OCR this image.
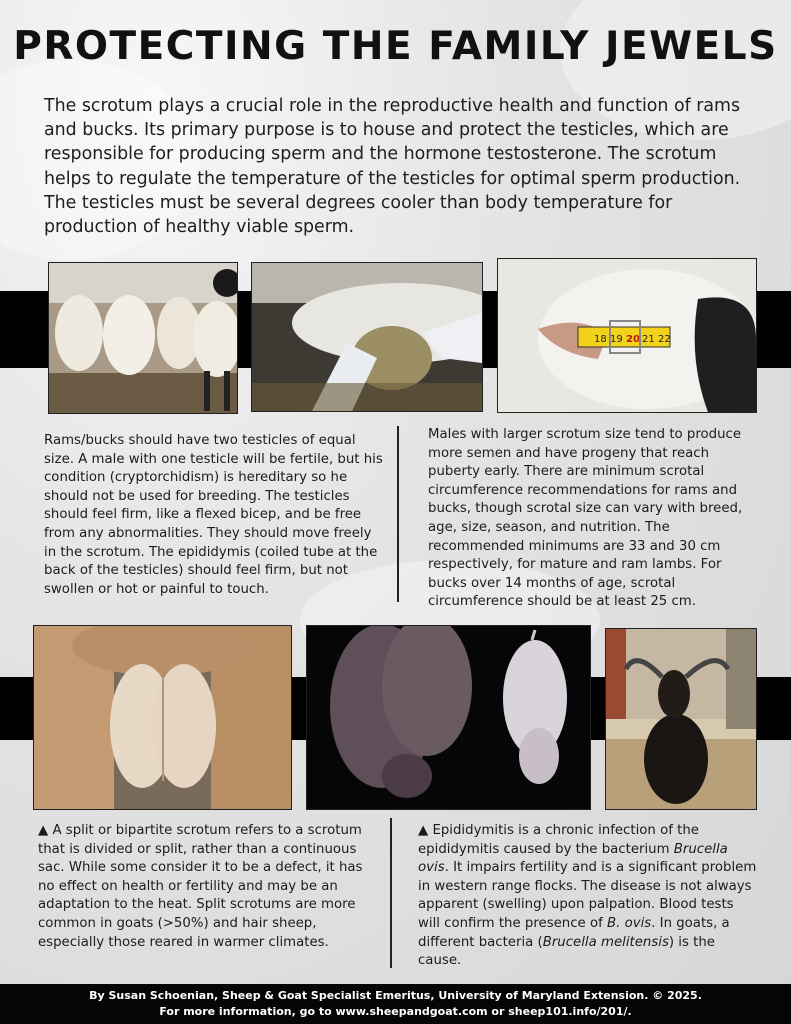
PROTECTING THE FAMILY JEWELS

The scrotum plays a crucial role in the reproductive health and function of rams and bucks. Its primary purpose is to house and protect the testicles, which are responsible for producing sperm and the hormone testosterone. The scrotum helps to regulate the temperature of the testicles for optimal sperm production. The testicles must be several degrees cooler than body temperature for production of healthy viable sperm.

18 19 20 21 22

Rams/bucks should have two testicles of equal size. A male with one testicle will be fertile, but his condition (cryptorchidism) is hereditary so he should not be used for breeding. The testicles should feel firm, like a flexed bicep, and be free from any abnormalities. They should move freely in the scrotum. The epididymis (coiled tube at the back of the testicles) should feel firm, but not swollen or hot or painful to touch.

Males with larger scrotum size tend to produce more semen and have progeny that reach puberty early. There are minimum scrotal circumference recommendations for rams and bucks, though scrotal size can vary with breed, age, size, season, and nutrition. The recommended minimums are 33 and 30 cm respectively, for mature and ram lambs. For bucks over 14 months of age, scrotal circumference should be at least 25 cm.

▲ A split or bipartite scrotum refers to a scrotum that is divided or split, rather than a continuous sac. While some consider it to be a defect, it has no effect on health or fertility and may be an adaptation to the heat. Split scrotums are more common in goats (>50%) and hair sheep, especially those reared in warmer climates.

▲ Epididymitis is a chronic infection of the epididymitis caused by the bacterium Brucella ovis. It impairs fertility and is a significant problem in western range flocks. The disease is not always apparent (swelling) upon palpation. Blood tests will confirm the presence of B. ovis. In goats, a different bacteria (Brucella melitensis) is the cause.

By Susan Schoenian, Sheep & Goat Specialist Emeritus, University of Maryland Extension. © 2025.
For more information, go to www.sheepandgoat.com or sheep101.info/201/.
